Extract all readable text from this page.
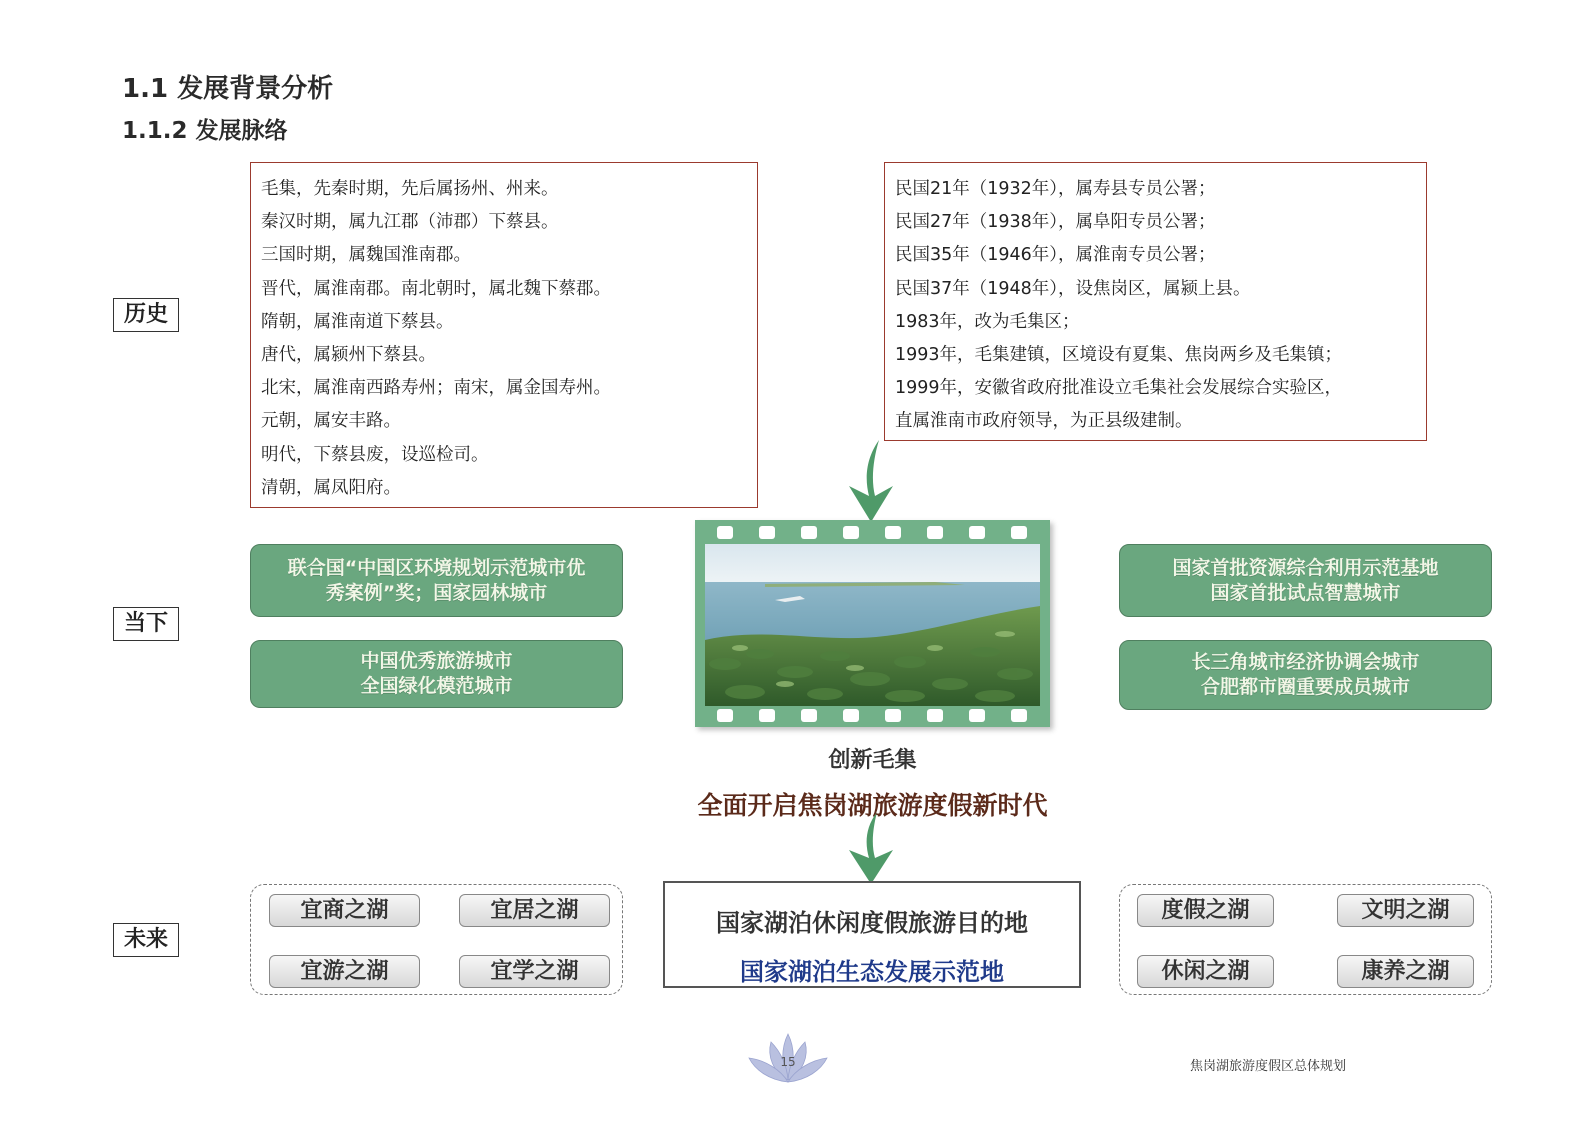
1.1 发展背景分析
1.1.2 发展脉络
历史
当下
未来
毛集，先秦时期，先后属扬州、州来。
秦汉时期，属九江郡（沛郡）下蔡县。
三国时期，属魏国淮南郡。
晋代，属淮南郡。南北朝时，属北魏下蔡郡。
隋朝，属淮南道下蔡县。
唐代，属颍州下蔡县。
北宋，属淮南西路寿州；南宋，属金国寿州。
元朝，属安丰路。
明代，下蔡县废，设巡检司。
清朝，属凤阳府。
民国21年（1932年），属寿县专员公署；
民国27年（1938年），属阜阳专员公署；
民国35年（1946年），属淮南专员公署；
民国37年（1948年），设焦岗区，属颍上县。
1983年，改为毛集区；
1993年，毛集建镇，区境设有夏集、焦岗两乡及毛集镇；
1999年，安徽省政府批准设立毛集社会发展综合实验区，
直属淮南市政府领导，为正县级建制。
联合国“中国区环境规划示范城市优
秀案例”奖；国家园林城市
中国优秀旅游城市
全国绿化模范城市
国家首批资源综合利用示范基地
国家首批试点智慧城市
长三角城市经济协调会城市
合肥都市圈重要成员城市
创新毛集
全面开启焦岗湖旅游度假新时代
宜商之湖	宜居之湖
宜游之湖	宜学之湖
度假之湖	文明之湖
休闲之湖	康养之湖
国家湖泊休闲度假旅游目的地
国家湖泊生态发展示范地
15	焦岗湖旅游度假区总体规划
